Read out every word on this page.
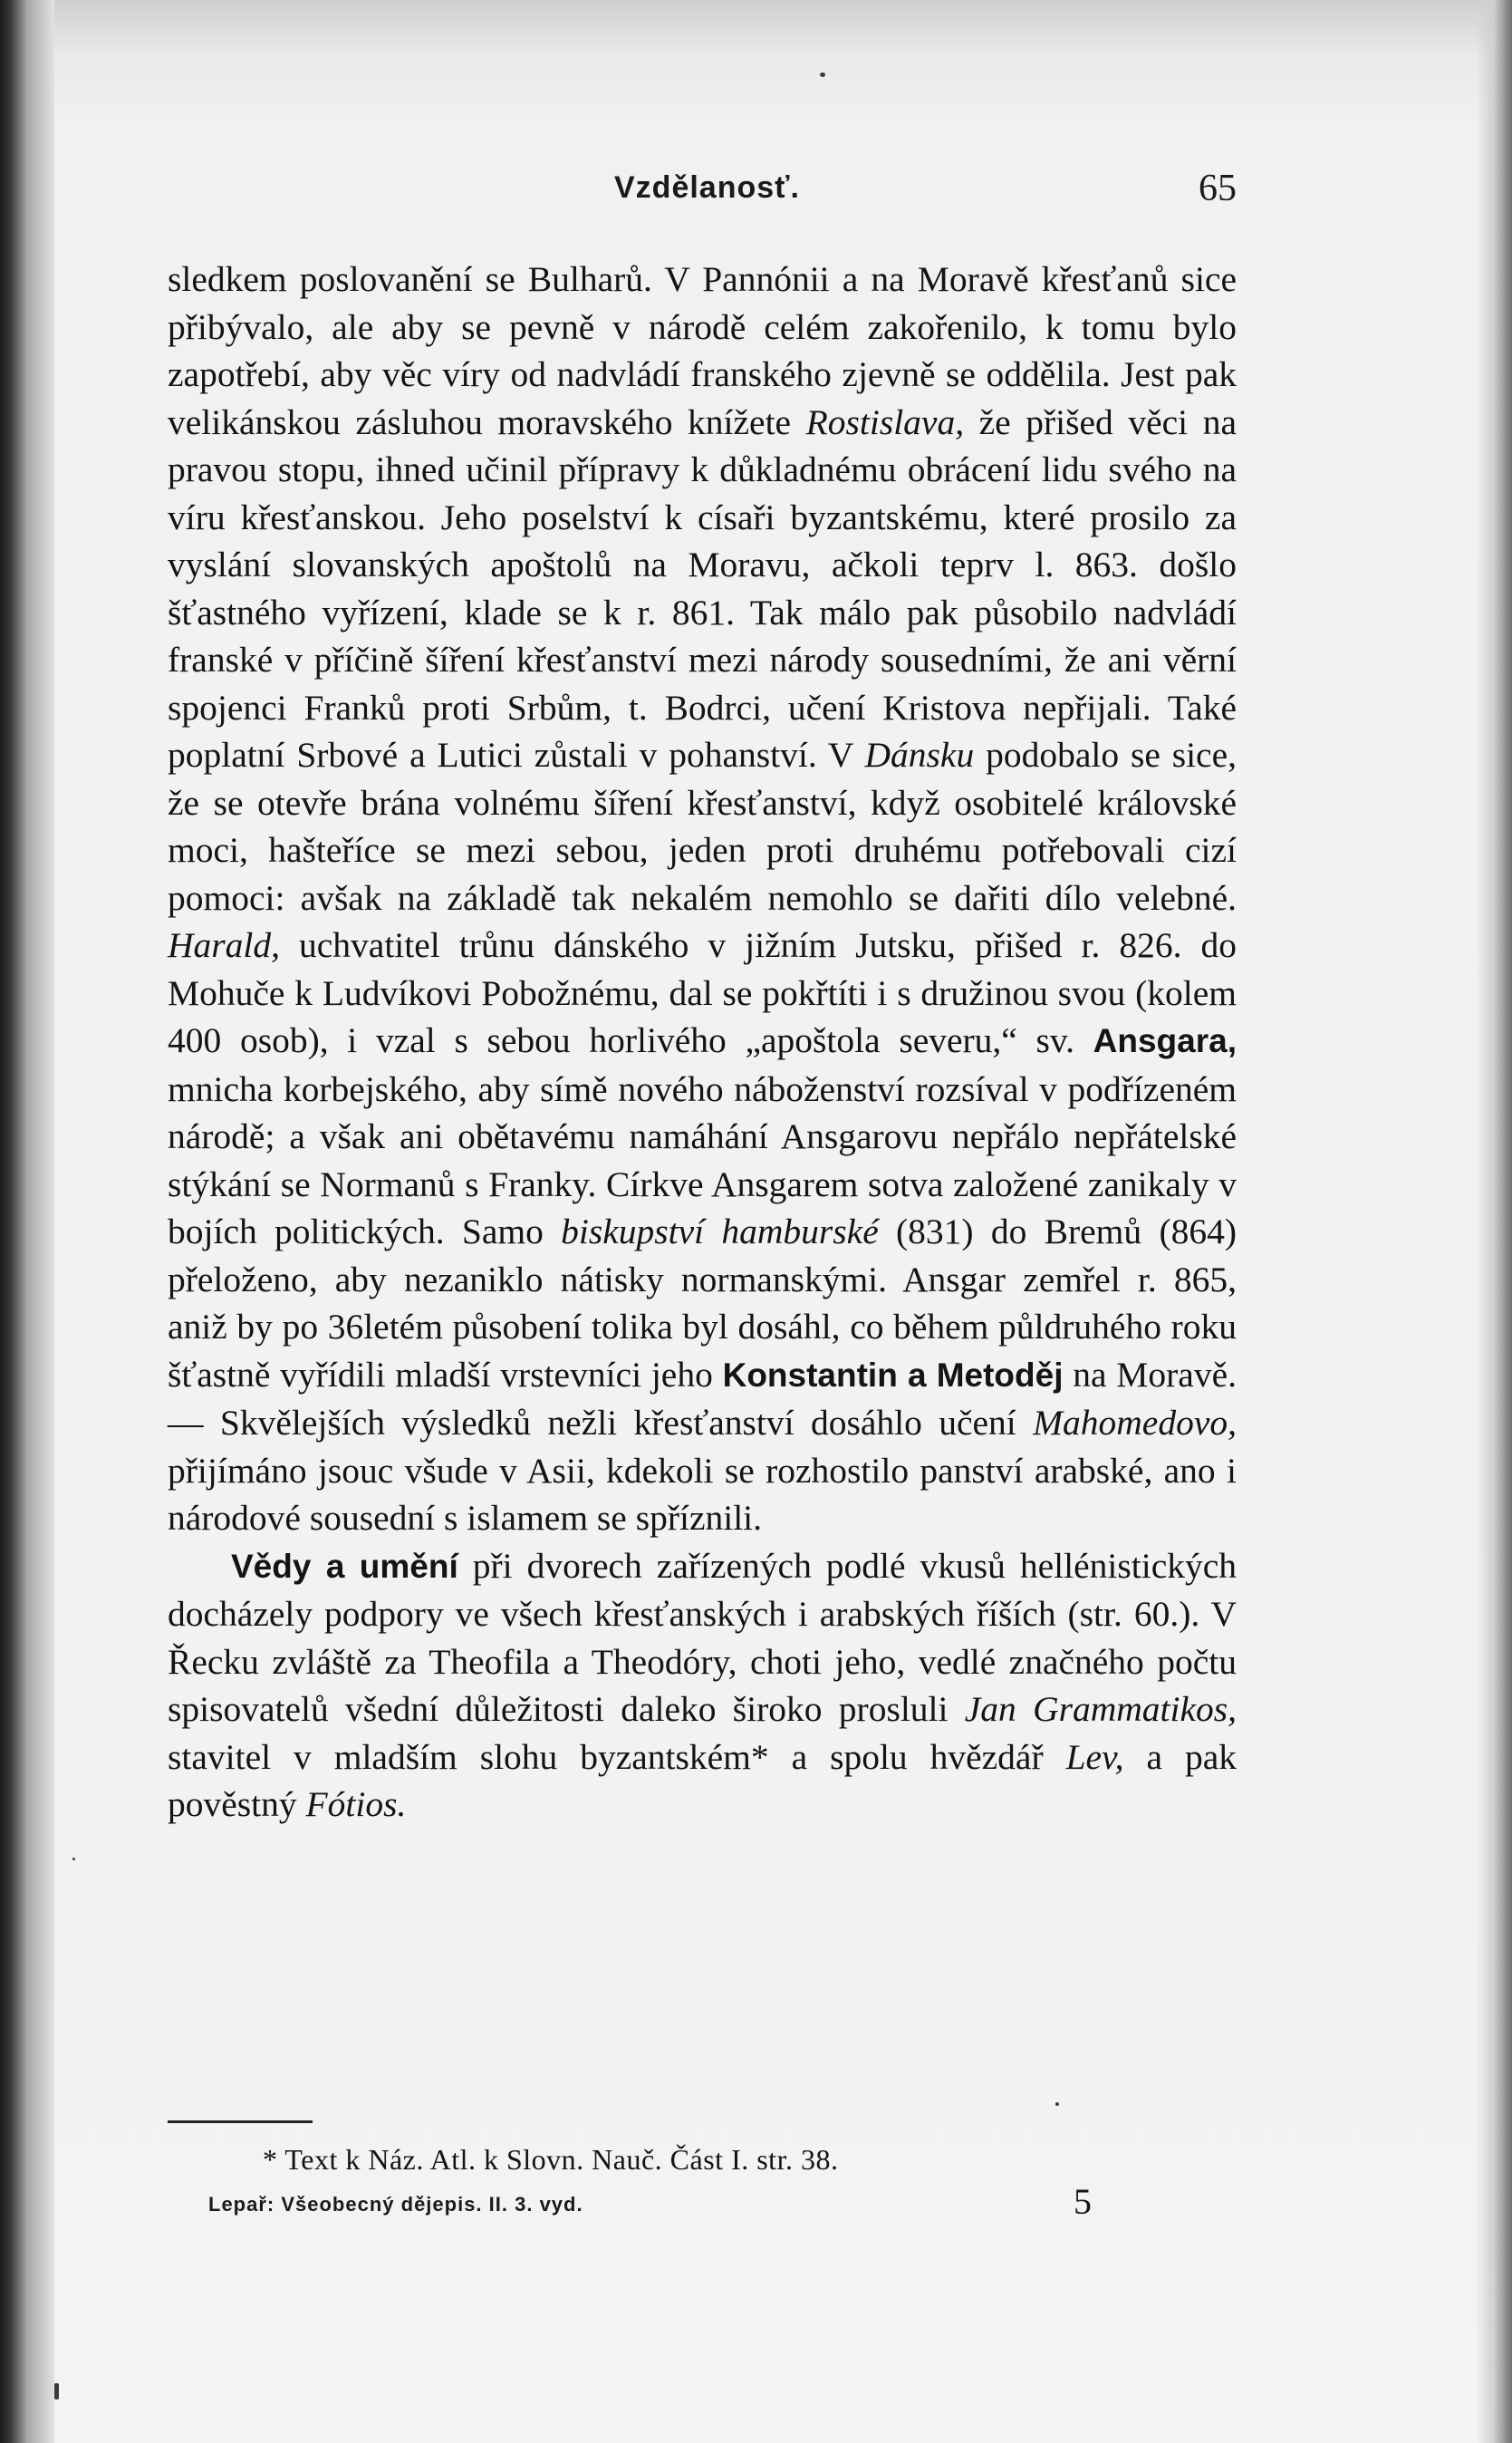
Vzdělanosť.	65

sledkem poslovanění se Bulharů. V Pannónii a na Moravě křesťanů sice přibývalo, ale aby se pevně v národě celém zakořenilo, k tomu bylo zapotřebí, aby věc víry od nadvládí franského zjevně se oddělila. Jest pak velikánskou zásluhou moravského knížete Rostislava, že přišed věci na pravou stopu, ihned učinil přípravy k důkladnému obrácení lidu svého na víru křesťanskou. Jeho poselství k císaři byzantskému, které prosilo za vyslání slovanských apoštolů na Moravu, ačkoli teprv l. 863. došlo šťastného vyřízení, klade se k r. 861. Tak málo pak působilo nadvládí franské v příčině šíření křesťanství mezi národy sousedními, že ani věrní spojenci Franků proti Srbům, t. Bodrci, učení Kristova nepřijali. Také poplatní Srbové a Lutici zůstali v pohanství. V Dánsku podobalo se sice, že se otevře brána volnému šíření křesťanství, když osobitelé královské moci, hašteříce se mezi sebou, jeden proti druhému potřebovali cizí pomoci: avšak na základě tak nekalém nemohlo se dařiti dílo velebné. Harald, uchvatitel trůnu dánského v jižním Jutsku, přišed r. 826. do Mohuče k Ludvíkovi Pobožnému, dal se pokřtíti i s družinou svou (kolem 400 osob), i vzal s sebou horlivého „apoštola severu,“ sv. Ansgara, mnicha korbejského, aby símě nového náboženství rozsíval v podřízeném národě; a však ani obětavému namáhání Ansgarovu nepřálo nepřátelské stýkání se Normanů s Franky. Církve Ansgarem sotva založené zanikaly v bojích politických. Samo biskupství hamburské (831) do Bremů (864) přeloženo, aby nezaniklo nátisky normanskými. Ansgar zemřel r. 865, aniž by po 36letém působení tolika byl dosáhl, co během půldruhého roku šťastně vyřídili mladší vrstevníci jeho Konstantin a Metoděj na Moravě. — Skvělejších výsledků nežli křesťanství dosáhlo učení Mahomedovo, přijímáno jsouc všude v Asii, kdekoli se rozhostilo panství arabské, ano i národové sousední s islamem se spříznili.

Vědy a umění při dvorech zařízených podlé vkusů hellénistických docházely podpory ve všech křesťanských i arabských říších (str. 60.). V Řecku zvláště za Theofila a Theodóry, choti jeho, vedlé značného počtu spisovatelů všední důležitosti daleko široko prosluli Jan Grammatikos, stavitel v mladším slohu byzantském* a spolu hvězdář Lev, a pak pověstný Fótios.

* Text k Náz. Atl. k Slovn. Nauč. Část I. str. 38.
Lepař: Všeobecný dějepis. II. 3. vyd.	5
